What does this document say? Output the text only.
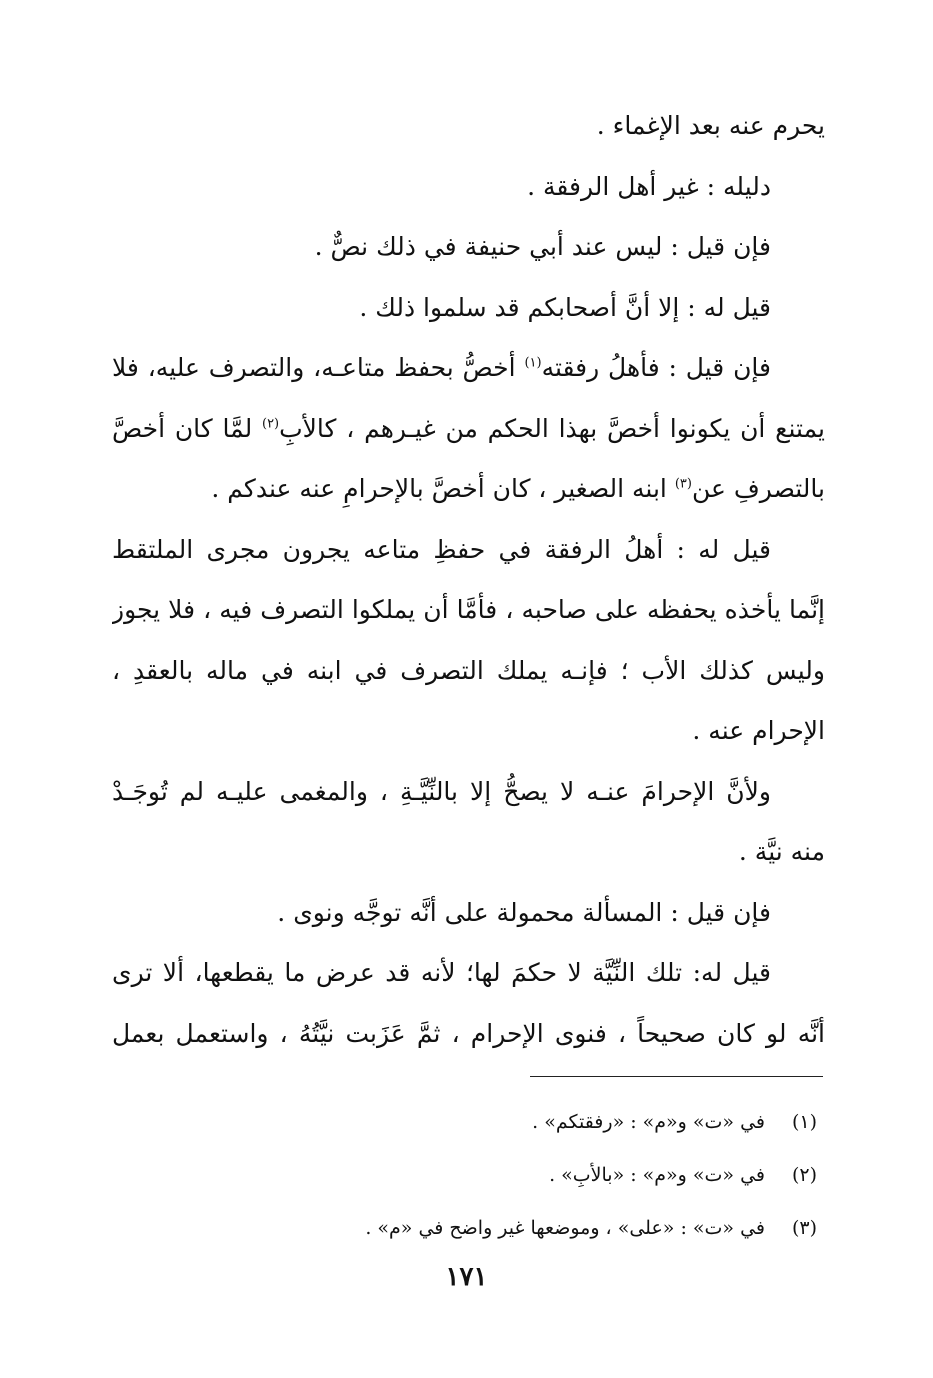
يحرم عنه بعد الإغماء .
دليله : غير أهل الرفقة .
فإن قيل : ليس عند أبي حنيفة في ذلك نصٌّ .
قيل له : إلا أنَّ أصحابكم قد سلموا ذلك .
فإن قيل : فأهلُ رفقته$^{(١)}$ أخصُّ بحفظ متاعـه، والتصرف عليه، فلا
يمتنع أن يكونوا أخصَّ بهذا الحكم من غيـرهم ، كالأبِ$^{(٢)}$ لمَّا كان أخصَّ
بالتصرفِ عن$^{(٣)}$ ابنه الصغير ، كان أخصَّ بالإحرامِ عنه عندكم .
قيل له : أهلُ الرفقة في حفظِ متاعه يجرون مجرى الملتقط
إنَّما يأخذه يحفظه على صاحبه ، فأمَّا أن يملكوا التصرف فيه ، فلا يجوز
وليس كذلك الأب ؛ فإنـه يملك التصرف في ابنه في ماله بالعقدِ ،
الإحرام عنه .
ولأنَّ الإحرامَ عنـه لا يصحُّ إلا بالنِّيَّـةِ ، والمغمى عليـه لم تُوجَـدْ
منه نيَّة .
فإن قيل : المسألة محمولة على أنَّه توجَّه ونوى .
قيل له: تلك النِّيَّة لا حكمَ لها؛ لأنه قد عرض ما يقطعها، ألا ترى
أنَّه لو كان صحيحاً ، فنوى الإحرام ، ثمَّ عَزَبت نيَّتُهُ ، واستعمل بعمل
(١)في «ت» و«م» : «رفقتكم» .
(٢)في «ت» و«م» : «بالأبِ» .
(٣)في «ت» : «على» ، وموضعها غير واضح في «م» .
١٧١
